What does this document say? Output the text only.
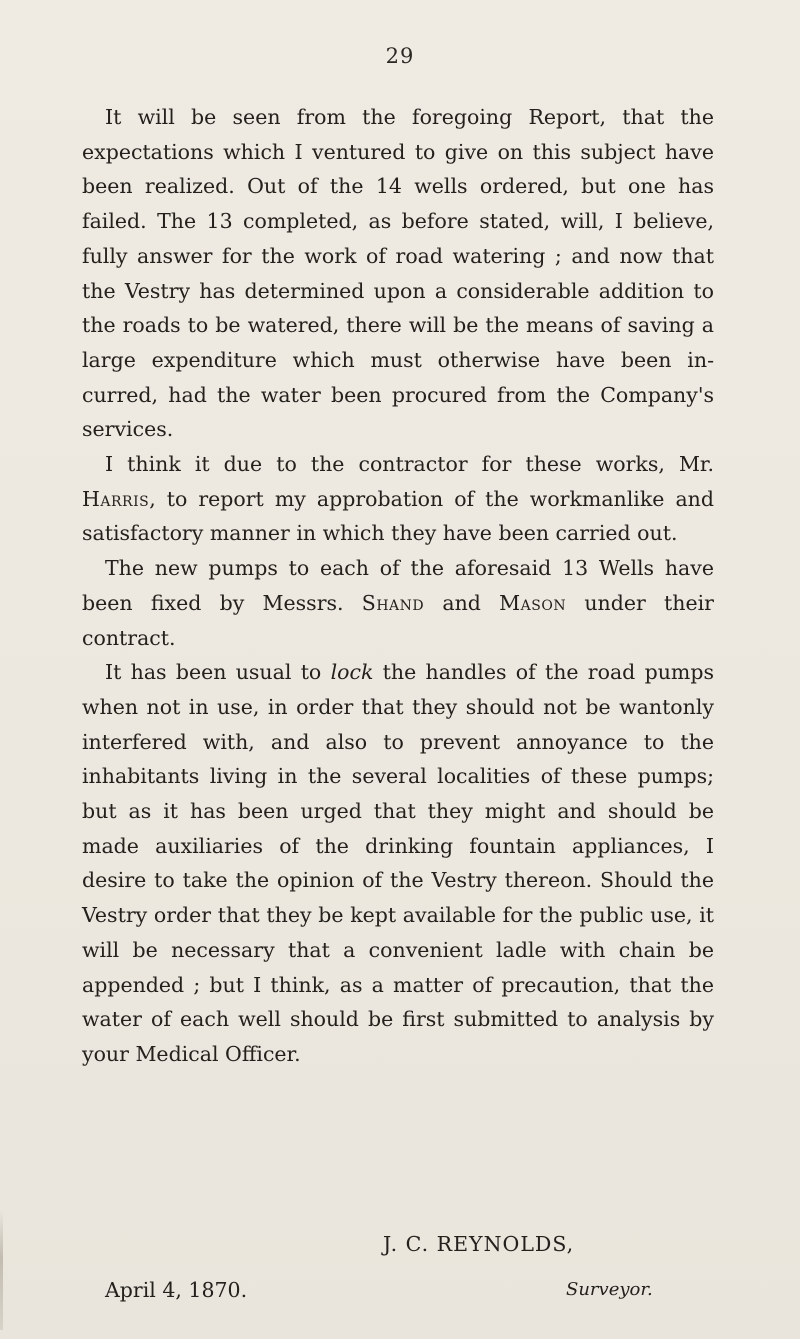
29

It will be seen from the foregoing Report, that the expectations which I ventured to give on this subject have been realized. Out of the 14 wells ordered, but one has failed. The 13 completed, as before stated, will, I believe, fully answer for the work of road watering ; and now that the Vestry has determined upon a considerable addition to the roads to be watered, there will be the means of saving a large expenditure which must otherwise have been incurred, had the water been procured from the Company's services.

I think it due to the contractor for these works, Mr. Harris, to report my approbation of the workmanlike and satisfactory manner in which they have been carried out.

The new pumps to each of the aforesaid 13 Wells have been fixed by Messrs. Shand and Mason under their contract.

It has been usual to lock the handles of the road pumps when not in use, in order that they should not be wantonly interfered with, and also to prevent annoyance to the inhabitants living in the several localities of these pumps; but as it has been urged that they might and should be made auxiliaries of the drinking fountain appliances, I desire to take the opinion of the Vestry thereon. Should the Vestry order that they be kept available for the public use, it will be necessary that a convenient ladle with chain be appended ; but I think, as a matter of precaution, that the water of each well should be first submitted to analysis by your Medical Officer.

J. C. REYNOLDS,
April 4, 1870.	Surveyor.
